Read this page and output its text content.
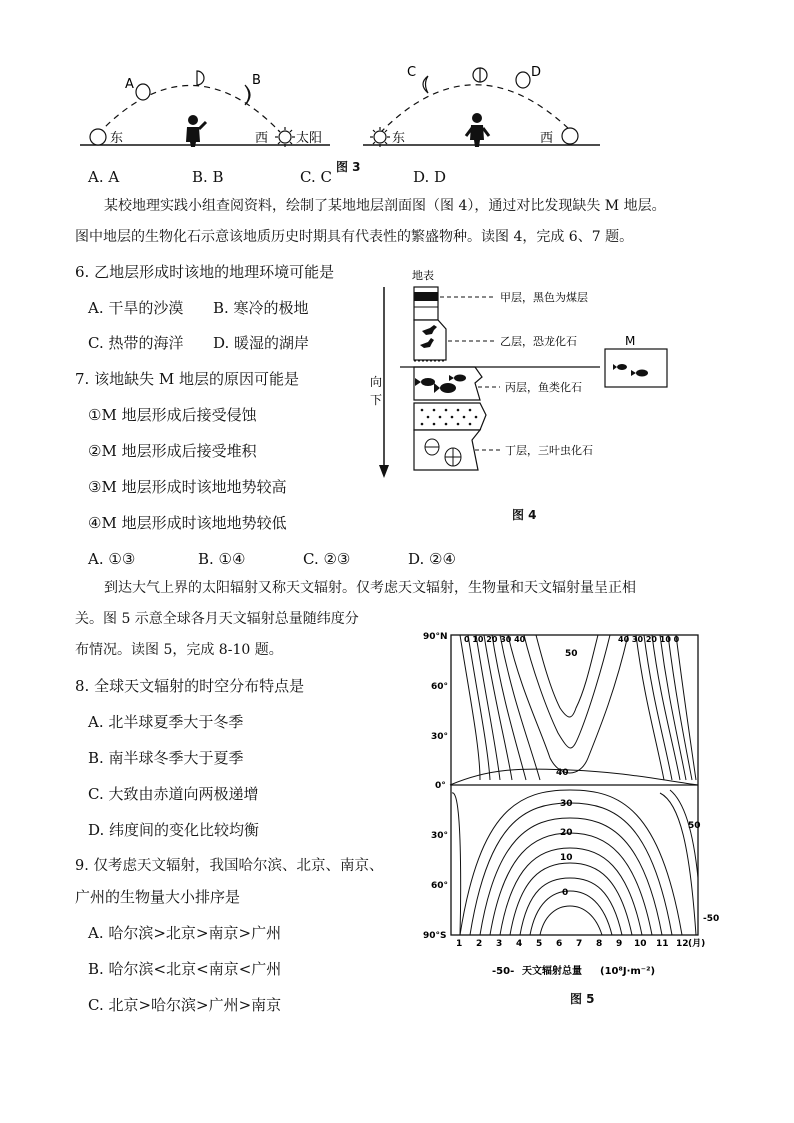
A	B
东	西 太阳
C	D
东	西
A. A	B. B	C. C
图 3
D. D
某校地理实践小组查阅资料，绘制了某地地层剖面图（图 4），通过对比发现缺失 M 地层。
图中地层的生物化石示意该地质历史时期具有代表性的繁盛物种。读图 4，完成 6、7 题。
6. 乙地层形成时该地的地理环境可能是
A. 干旱的沙漠 B. 寒冷的极地
C. 热带的海洋 D. 暖湿的湖岸
7. 该地缺失 M 地层的原因可能是
①M 地层形成后接受侵蚀
②M 地层形成后接受堆积
③M 地层形成时该地地势较高
④M 地层形成时该地地势较低
A. ①③	B. ①④	C. ②③	D. ②④
地表
向
下
甲层，黑色为煤层
乙层，恐龙化石
丙层，鱼类化石
丁层，三叶虫化石
M
图 4
到达大气上界的太阳辐射又称天文辐射。仅考虑天文辐射，生物量和天文辐射量呈正相
关。图 5 示意全球各月天文辐射总量随纬度分
布情况。读图 5，完成 8-10 题。
8. 全球天文辐射的时空分布特点是
A. 北半球夏季大于冬季
B. 南半球冬季大于夏季
C. 大致由赤道向两极递增
D. 纬度间的变化比较均衡
9. 仅考虑天文辐射，我国哈尔滨、北京、南京、
广州的生物量大小排序是
A. 哈尔滨>北京>南京>广州
B. 哈尔滨<北京<南京<广州
C. 北京>哈尔滨>广州>南京
90°N
60°
30°
0°
30°
60°
90°S
1 2 3 4 5 6 7 8 9 10 11 12 (月)
0 10 20 30 40	40 30 20 10 0
50
40
30
20
10
0
50
-50
-50- 天文辐射总量 (10⁸J·m⁻²)
图 5
